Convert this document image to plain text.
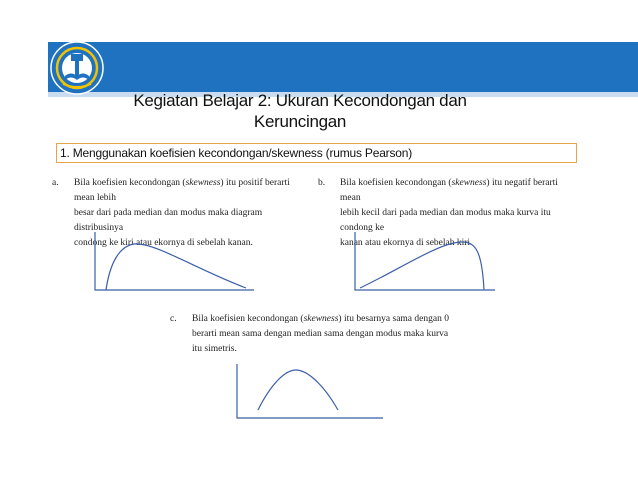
Kegiatan Belajar 2: Ukuran Kecondongan dan
Keruncingan
1. Menggunakan koefisien kecondongan/skewness (rumus Pearson)
a. Bila koefisien kecondongan (skewness) itu positif berarti mean lebih
besar dari pada median dan modus maka diagram distribusinya
condong ke kiri atau ekornya di sebelah kanan.
b. Bila koefisien kecondongan (skewness) itu negatif berarti mean
lebih kecil dari pada median dan modus maka kurva itu condong ke
kanan atau ekornya di sebelah kiri.
c. Bila koefisien kecondongan (skewness) itu besarnya sama dengan 0
berarti mean sama dengan median sama dengan modus maka kurva
itu simetris.
